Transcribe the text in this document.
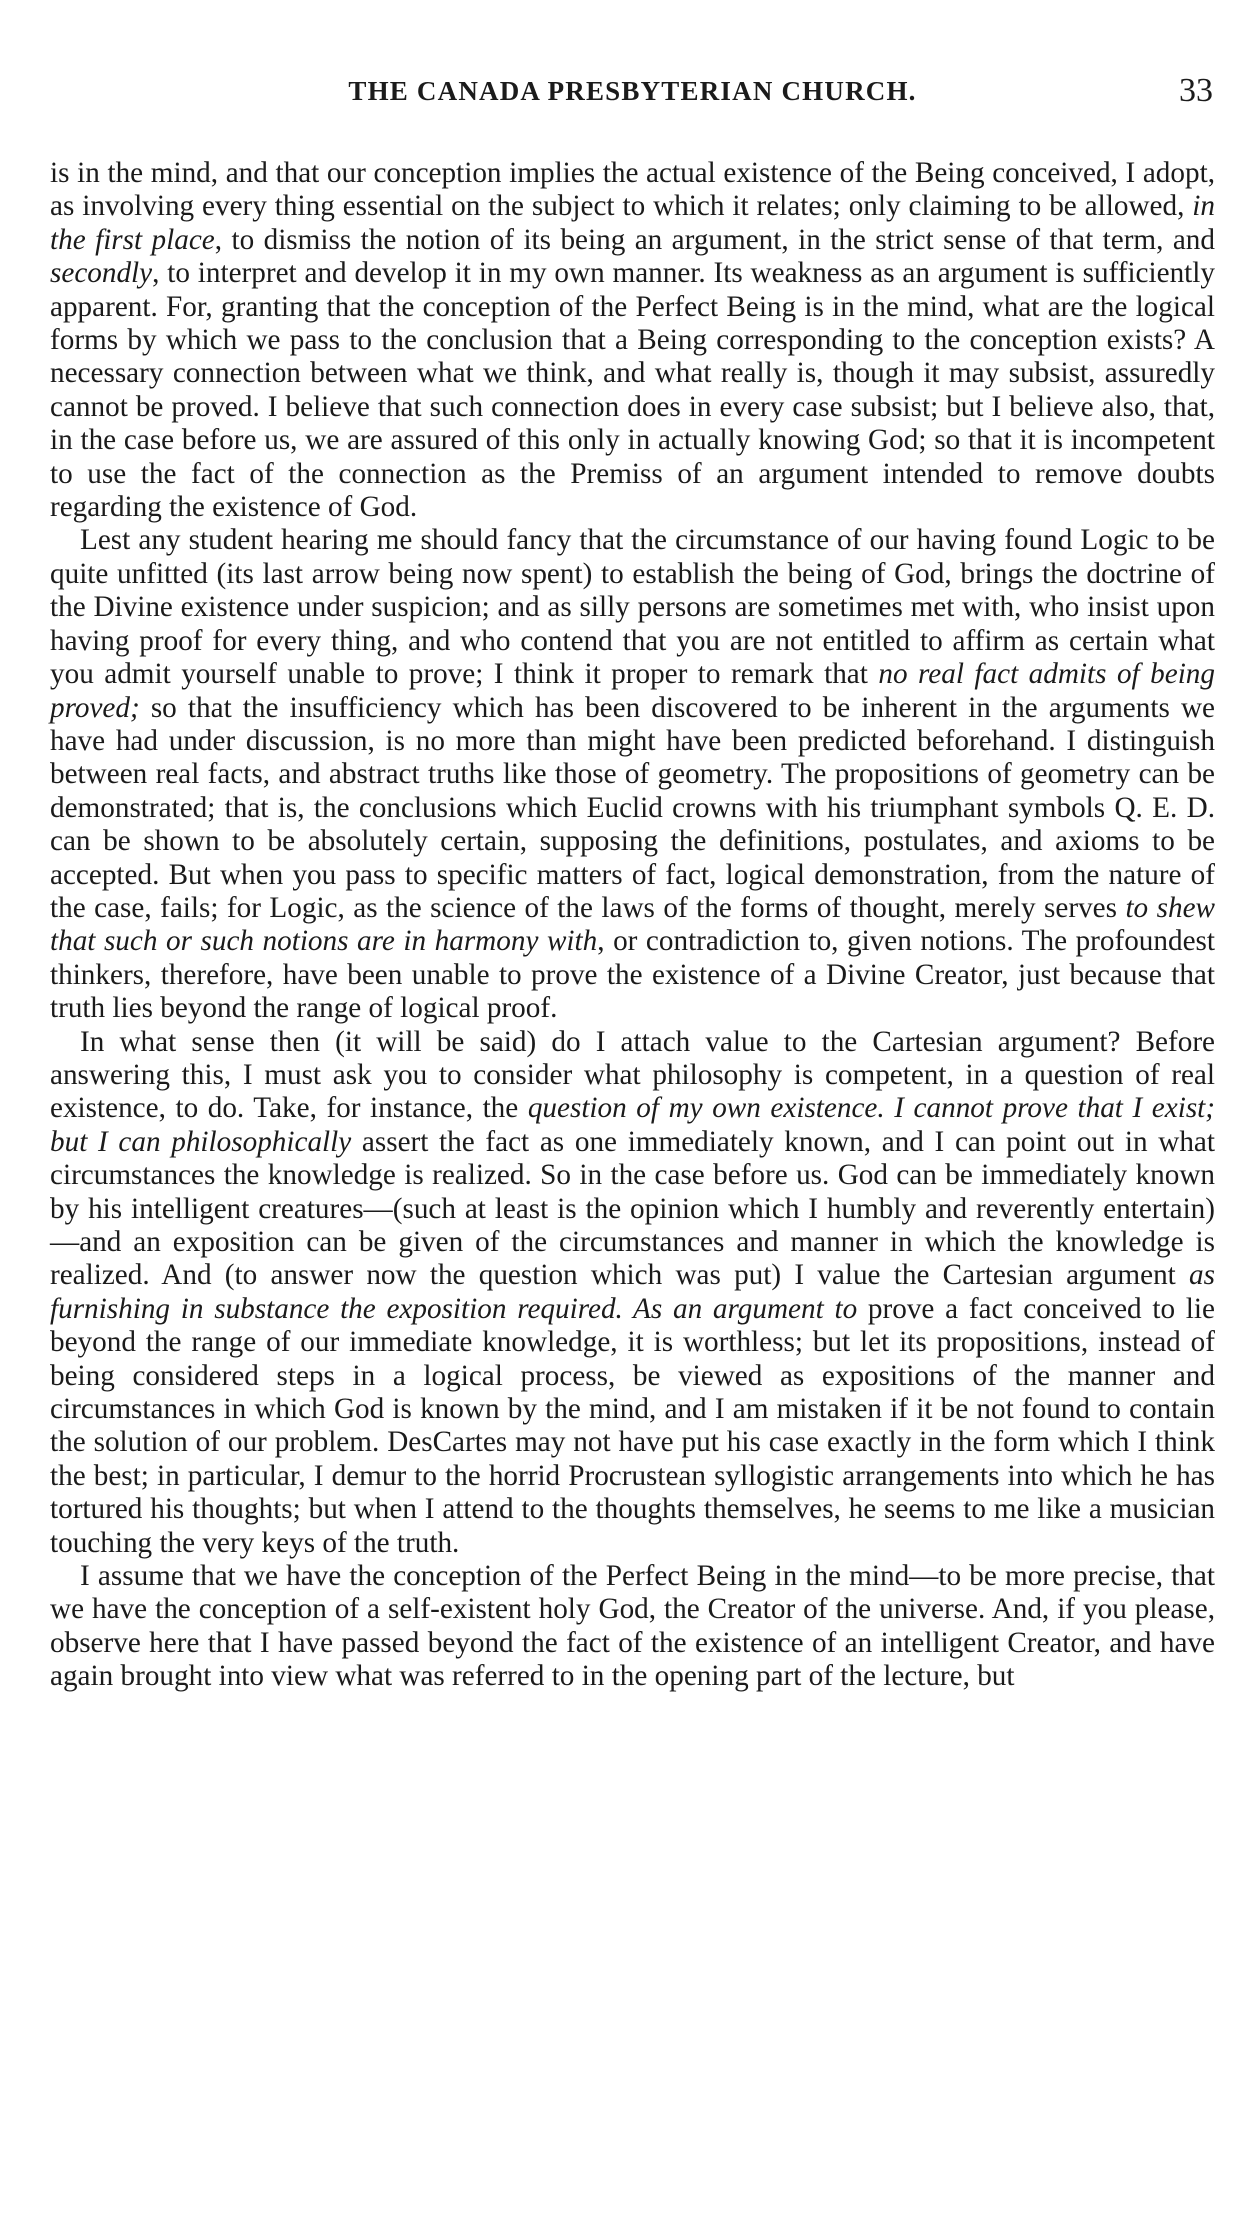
THE CANADA PRESBYTERIAN CHURCH.	33

is in the mind, and that our conception implies the actual existence of the Being conceived, I adopt, as involving every thing essential on the subject to which it relates; only claiming to be allowed, in the first place, to dismiss the notion of its being an argument, in the strict sense of that term, and secondly, to interpret and develop it in my own manner. Its weakness as an argument is sufficiently apparent. For, granting that the conception of the Perfect Being is in the mind, what are the logical forms by which we pass to the conclusion that a Being corresponding to the conception exists? A necessary connection between what we think, and what really is, though it may subsist, assuredly cannot be proved. I believe that such connection does in every case subsist; but I believe also, that, in the case before us, we are assured of this only in actually knowing God; so that it is incompetent to use the fact of the connection as the Premiss of an argument intended to remove doubts regarding the existence of God.

Lest any student hearing me should fancy that the circumstance of our having found Logic to be quite unfitted (its last arrow being now spent) to establish the being of God, brings the doctrine of the Divine existence under suspicion; and as silly persons are sometimes met with, who insist upon having proof for every thing, and who contend that you are not entitled to affirm as certain what you admit yourself unable to prove; I think it proper to remark that no real fact admits of being proved; so that the insufficiency which has been discovered to be inherent in the arguments we have had under discussion, is no more than might have been predicted beforehand. I distinguish between real facts, and abstract truths like those of geometry. The propositions of geometry can be demonstrated; that is, the conclusions which Euclid crowns with his triumphant symbols Q. E. D. can be shown to be absolutely certain, supposing the definitions, postulates, and axioms to be accepted. But when you pass to specific matters of fact, logical demonstration, from the nature of the case, fails; for Logic, as the science of the laws of the forms of thought, merely serves to shew that such or such notions are in harmony with, or contradiction to, given notions. The profoundest thinkers, therefore, have been unable to prove the existence of a Divine Creator, just because that truth lies beyond the range of logical proof.

In what sense then (it will be said) do I attach value to the Cartesian argument? Before answering this, I must ask you to consider what philosophy is competent, in a question of real existence, to do. Take, for instance, the question of my own existence. I cannot prove that I exist; but I can philosophically assert the fact as one immediately known, and I can point out in what circumstances the knowledge is realized. So in the case before us. God can be immediately known by his intelligent creatures—(such at least is the opinion which I humbly and reverently entertain)—and an exposition can be given of the circumstances and manner in which the knowledge is realized. And (to answer now the question which was put) I value the Cartesian argument as furnishing in substance the exposition required. As an argument to prove a fact conceived to lie beyond the range of our immediate knowledge, it is worthless; but let its propositions, instead of being considered steps in a logical process, be viewed as expositions of the manner and circumstances in which God is known by the mind, and I am mistaken if it be not found to contain the solution of our problem. DesCartes may not have put his case exactly in the form which I think the best; in particular, I demur to the horrid Procrustean syllogistic arrangements into which he has tortured his thoughts; but when I attend to the thoughts themselves, he seems to me like a musician touching the very keys of the truth.

I assume that we have the conception of the Perfect Being in the mind—to be more precise, that we have the conception of a self-existent holy God, the Creator of the universe. And, if you please, observe here that I have passed beyond the fact of the existence of an intelligent Creator, and have again brought into view what was referred to in the opening part of the lecture, but
